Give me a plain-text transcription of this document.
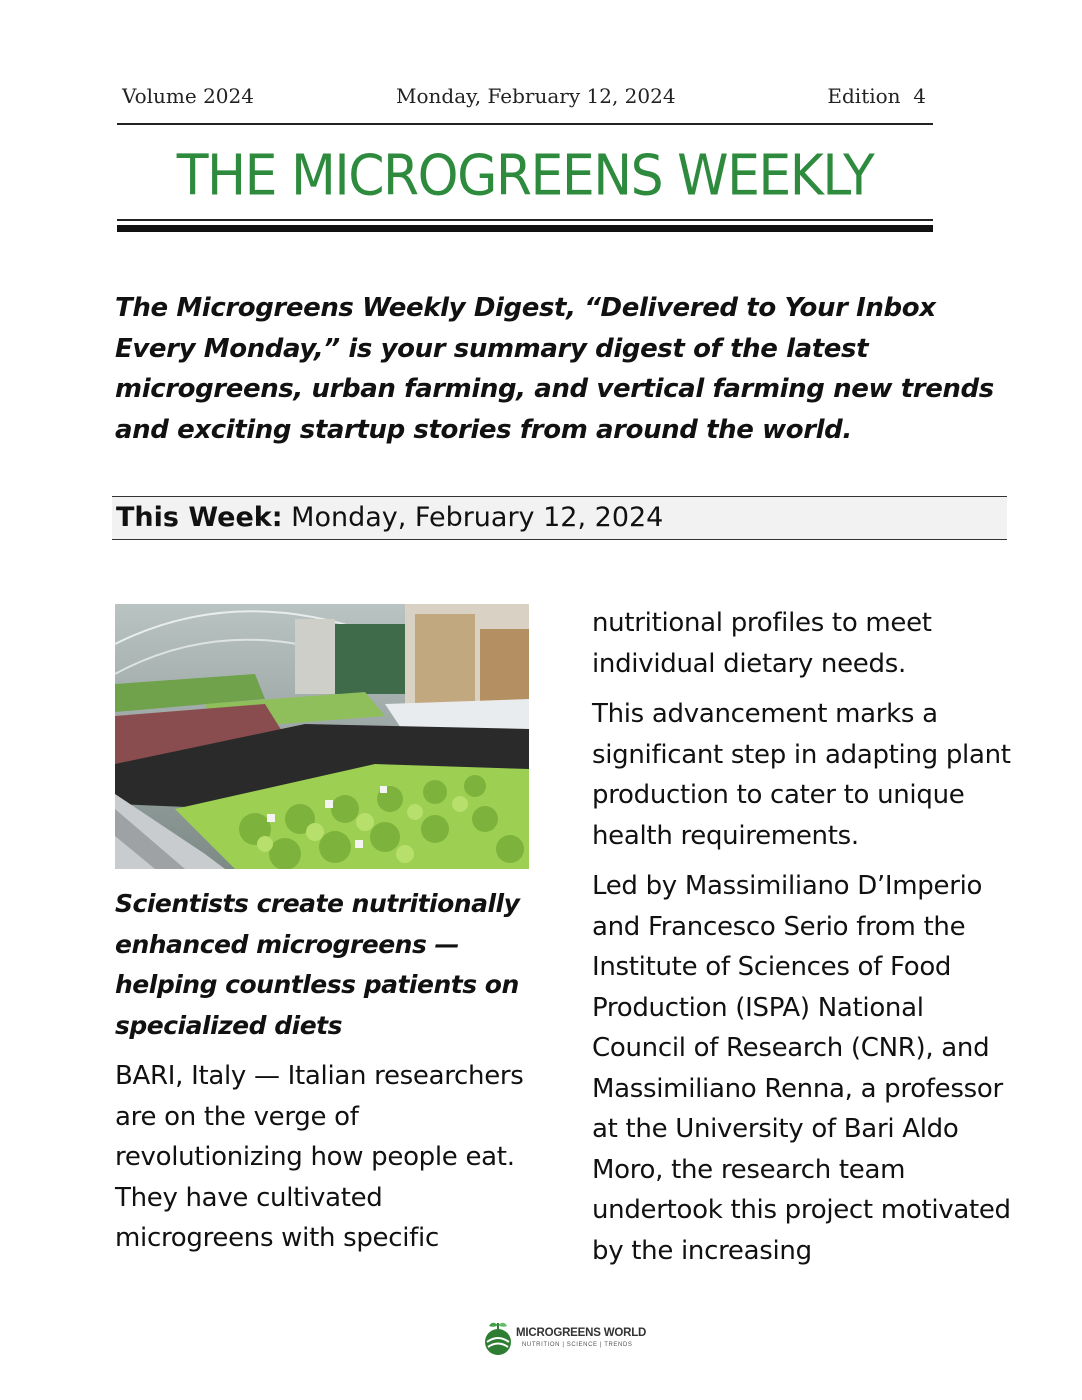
Volume 2024	Monday, February 12, 2024	Edition  4
THE MICROGREENS WEEKLY
The Microgreens Weekly Digest, “Delivered to Your Inbox Every Monday,” is your summary digest of the latest microgreens, urban farming, and vertical farming new trends and exciting startup stories from around the world.
This Week: Monday, February 12, 2024
Scientists create nutritionally enhanced microgreens — helping countless patients on specialized diets
BARI, Italy — Italian researchers are on the verge of revolutionizing how people eat. They have cultivated microgreens with specific

nutritional profiles to meet individual dietary needs.

This advancement marks a significant step in adapting plant production to cater to unique health requirements.

Led by Massimiliano D’Imperio and Francesco Serio from the Institute of Sciences of Food Production (ISPA) National Council of Research (CNR), and Massimiliano Renna, a professor at the University of Bari Aldo Moro, the research team undertook this project motivated by the increasing

MICROGREENS WORLD
NUTRITION | SCIENCE | TRENDS
